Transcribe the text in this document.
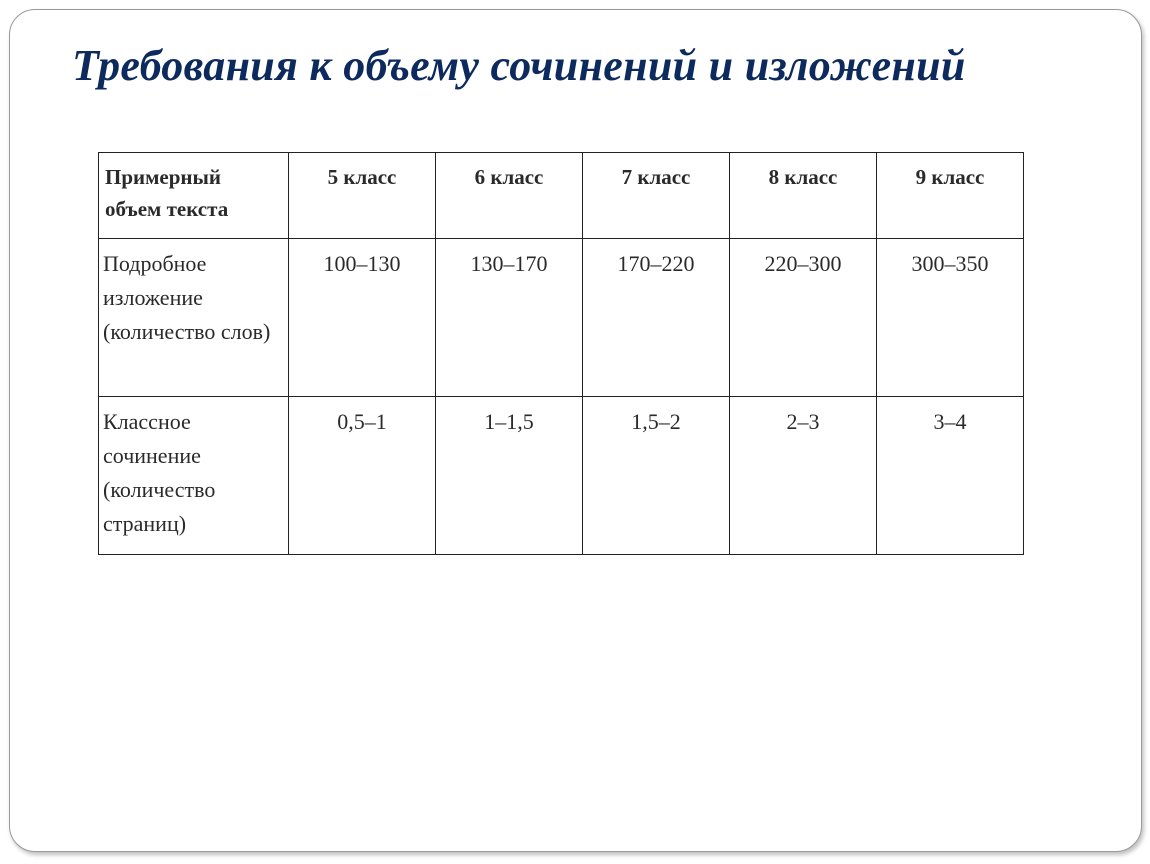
Требования к объему сочинений и изложений
Примерный объем текста	5 класс	6 класс	7 класс	8 класс	9 класс
Подробное изложение (количество слов)	100–130	130–170	170–220	220–300	300–350
Классное сочинение (количество страниц)	0,5–1	1–1,5	1,5–2	2–3	3–4
